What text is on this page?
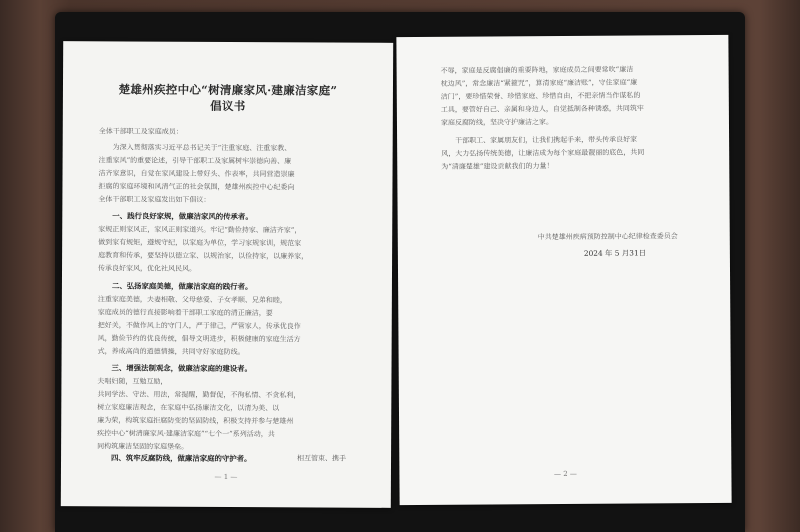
楚雄州疾控中心“树清廉家风·建廉洁家庭”
倡议书
全体干部职工及家庭成员：
为深入贯彻落实习近平总书记关于“注重家庭、注重家教、
注重家风”的重要论述，引导干部职工及家属树牢崇德向善、廉
洁齐家意识，自觉在家风建设上带好头、作表率，共同营造崇廉
拒腐的家庭环境和风清气正的社会氛围，楚雄州疾控中心纪委向
全体干部职工及家庭发出如下倡议：
一、践行良好家规，做廉洁家风的传承者。
家规正则家风正，家风正则家道兴。牢记“勤俭持家、廉洁齐家”，
做到家有规矩，遵规守纪，以家庭为单位，学习家规家训，规范家
庭教育和传承，要坚持以德立家、以规治家，以俭持家，以廉养家，
传承良好家风，优化社风民风。
二、弘扬家庭美德，做廉洁家庭的践行者。
注重家庭美德，夫妻相敬、父母慈爱、子女孝顺、兄弟和睦，
家庭成员的德行直接影响着干部职工家庭的清正廉洁，要
把好关，不做作风上的守门人，严于律己，严管家人，传承优良作
风，勤俭节约的优良传统，倡导文明进步，积极健康的家庭生活方
式，养成高尚的道德情操，共同守好家庭防线。
三、增强法制观念，做廉洁家庭的建设者。
夫唱妇随，互勉互励，
共同学法、守法、用法，常提醒，勤督促，不徇私情、不贪私利，
树立家庭廉洁观念，在家庭中弘扬廉洁文化，以清为美、以
廉为荣，构筑家庭拒腐防变的坚固防线，积极支持并参与楚雄州
疾控中心“树清廉家风·建廉洁家庭”“七个一”系列活动，共
同构筑廉洁坚固的家庭堡垒。
四、筑牢反腐防线，做廉洁家庭的守护者。	相互管束、携手
— 1 —
不辱，家庭是反腐倡廉的重要阵地，家庭成员之间要常吹“廉洁
枕边风”，常念廉洁“紧箍咒”，算清家庭“廉洁账”，守住家庭“廉
洁门”，要珍惜荣誉、珍惜家庭、珍惜自由，不把亲情当作谋私的
工具，要管好自己、亲属和身边人，自觉抵制各种诱惑，共同筑牢
家庭反腐防线，坚决守护廉洁之家。
干部职工、家属朋友们，让我们携起手来，带头传承良好家
风，大力弘扬传统美德，让廉洁成为每个家庭最靓丽的底色，共同
为“清廉楚雄”建设贡献我们的力量！
中共楚雄州疾病预防控制中心纪律检查委员会
2024 年 5 月31日
— 2 —
